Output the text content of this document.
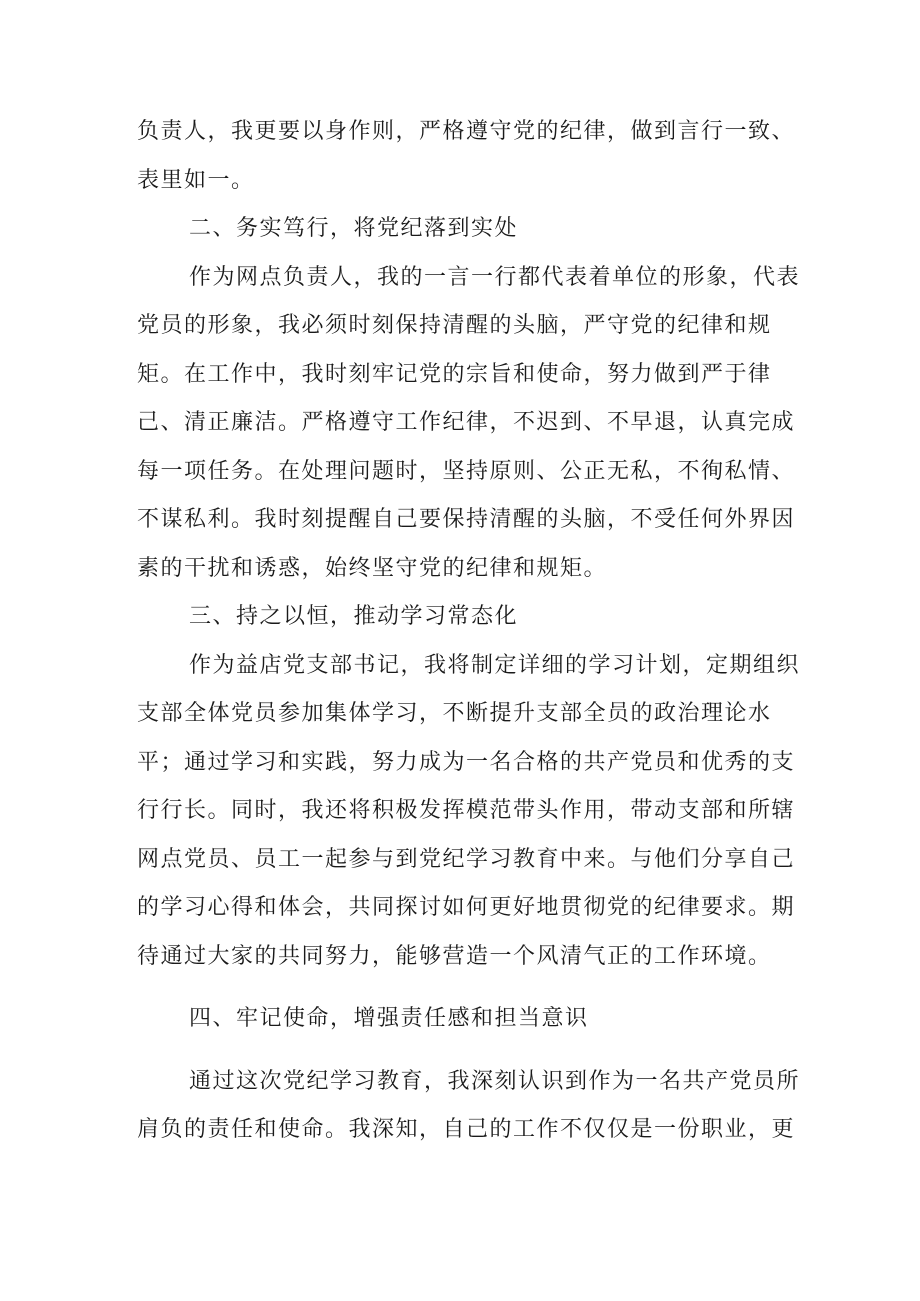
负责人，我更要以身作则，严格遵守党的纪律，做到言行一致、
表里如一。
二、务实笃行，将党纪落到实处
作为网点负责人，我的一言一行都代表着单位的形象，代表
党员的形象，我必须时刻保持清醒的头脑，严守党的纪律和规
矩。在工作中，我时刻牢记党的宗旨和使命，努力做到严于律
己、清正廉洁。严格遵守工作纪律，不迟到、不早退，认真完成
每一项任务。在处理问题时，坚持原则、公正无私，不徇私情、
不谋私利。我时刻提醒自己要保持清醒的头脑，不受任何外界因
素的干扰和诱惑，始终坚守党的纪律和规矩。
三、持之以恒，推动学习常态化
作为益店党支部书记，我将制定详细的学习计划，定期组织
支部全体党员参加集体学习，不断提升支部全员的政治理论水
平；通过学习和实践，努力成为一名合格的共产党员和优秀的支
行行长。同时，我还将积极发挥模范带头作用，带动支部和所辖
网点党员、员工一起参与到党纪学习教育中来。与他们分享自己
的学习心得和体会，共同探讨如何更好地贯彻党的纪律要求。期
待通过大家的共同努力，能够营造一个风清气正的工作环境。
四、牢记使命，增强责任感和担当意识
通过这次党纪学习教育，我深刻认识到作为一名共产党员所
肩负的责任和使命。我深知，自己的工作不仅仅是一份职业，更
